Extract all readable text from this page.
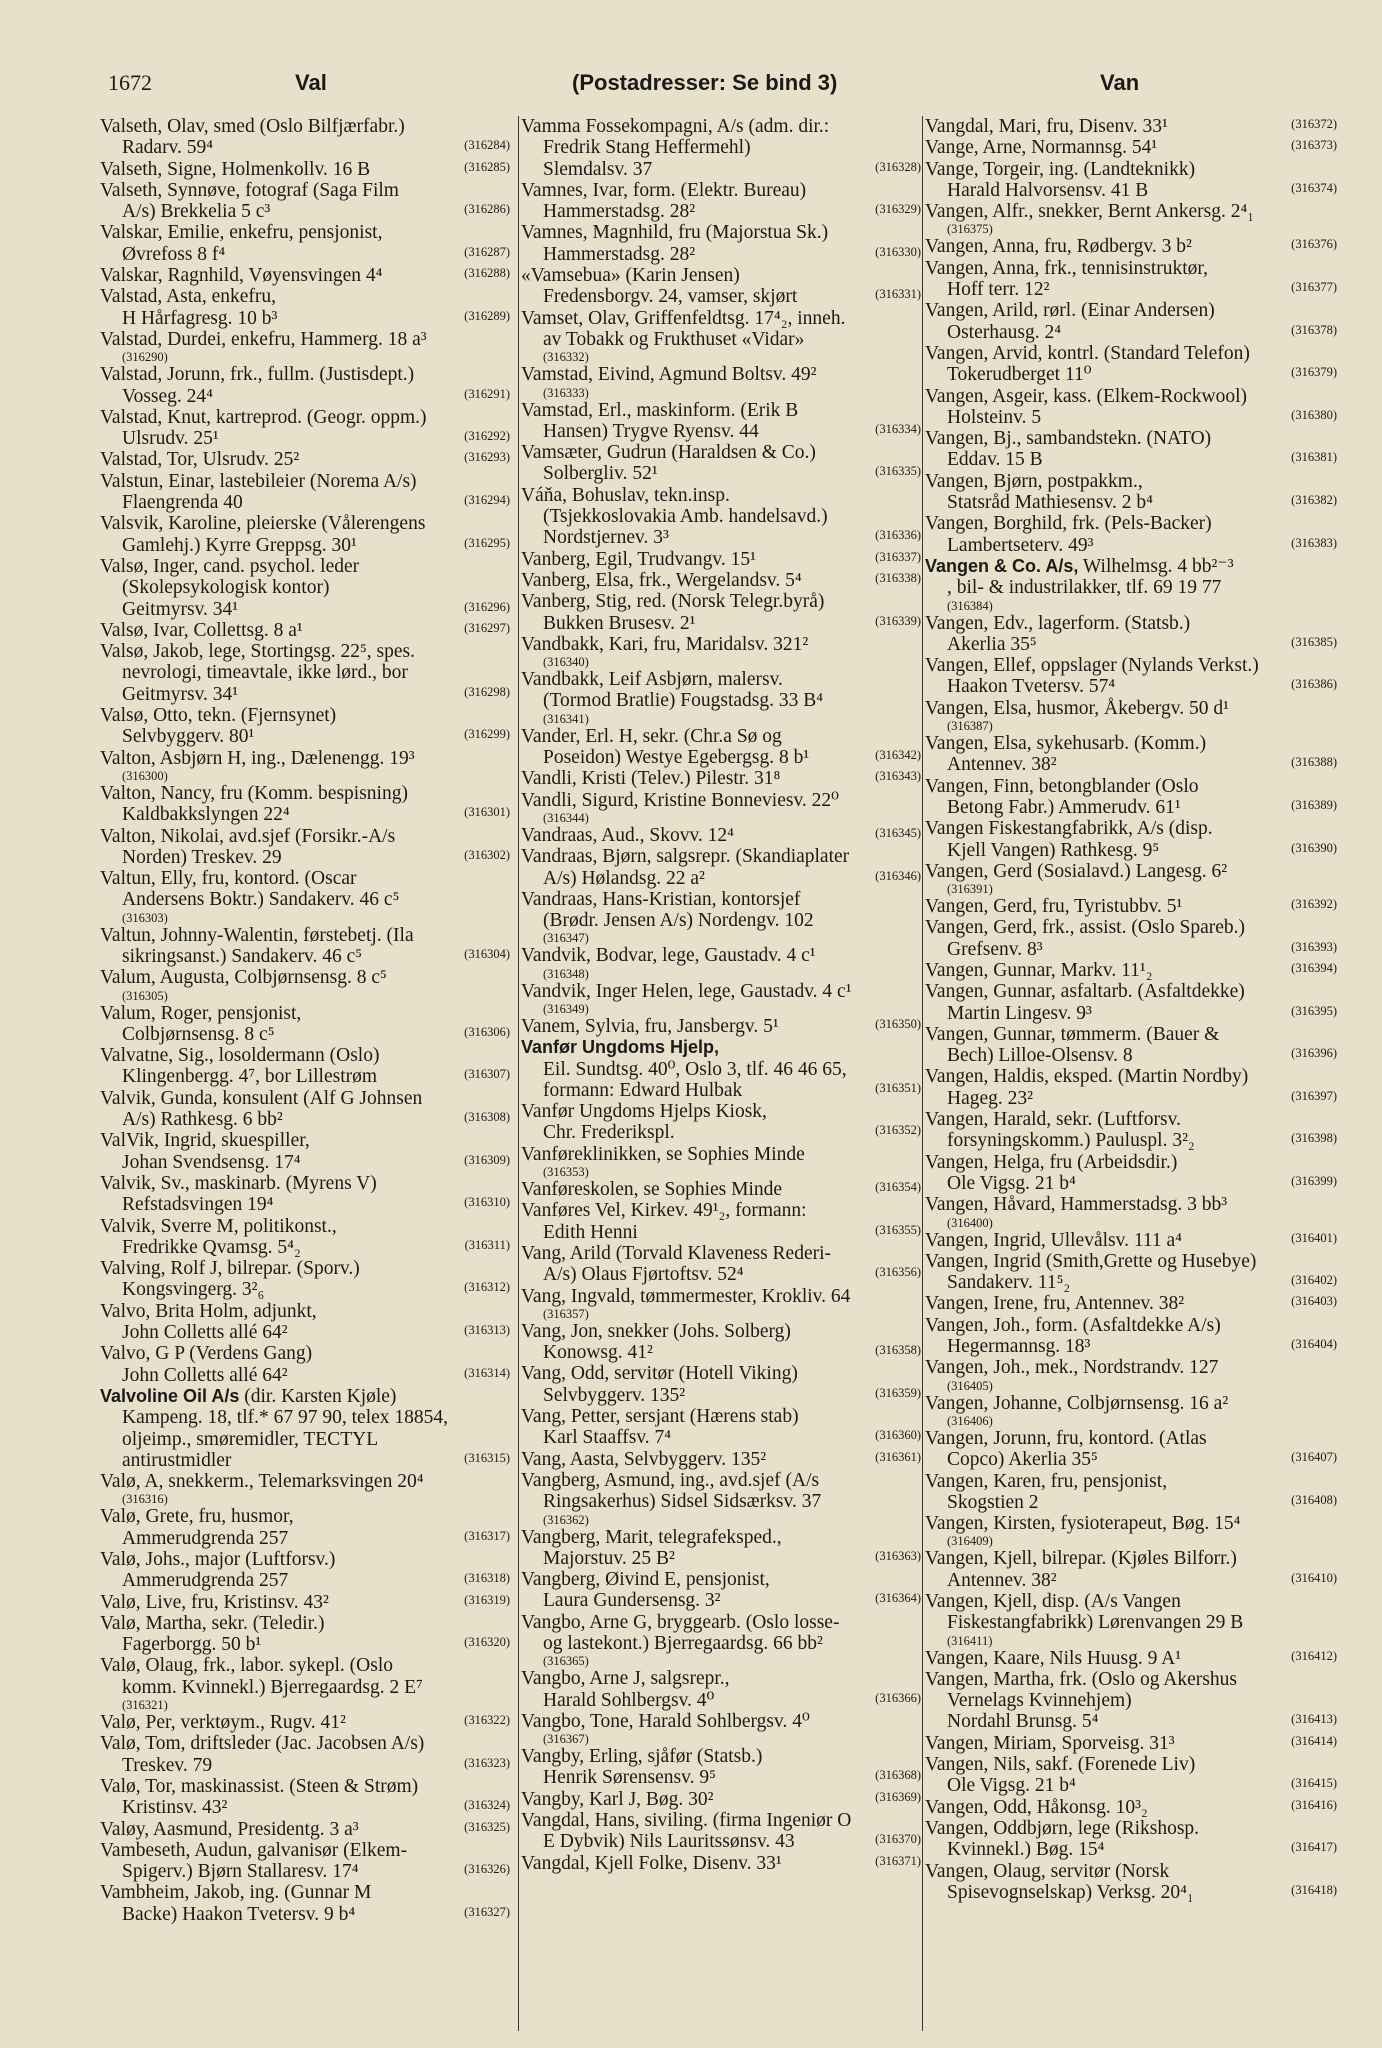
1672	Val	(Postadresser: Se bind 3)	Van
Valseth, Olav, smed (Oslo Bilfjærfabr.)
Radarv. 59⁴	(316284)
Valseth, Signe, Holmenkollv. 16 B	(316285)
Valseth, Synnøve, fotograf (Saga Film
A/s) Brekkelia 5 c³	(316286)
Valskar, Emilie, enkefru, pensjonist,
Øvrefoss 8 f⁴	(316287)
Valskar, Ragnhild, Vøyensvingen 4⁴	(316288)
Valstad, Asta, enkefru,
H Hårfagresg. 10 b³	(316289)
Valstad, Durdei, enkefru, Hammerg. 18 a³
(316290)
Valstad, Jorunn, frk., fullm. (Justisdept.)
Vosseg. 24⁴	(316291)
Valstad, Knut, kartreprod. (Geogr. oppm.)
Ulsrudv. 25¹	(316292)
Valstad, Tor, Ulsrudv. 25²	(316293)
Valstun, Einar, lastebileier (Norema A/s)
Flaengrenda 40	(316294)
Valsvik, Karoline, pleierske (Vålerengens
Gamlehj.) Kyrre Greppsg. 30¹	(316295)
Valsø, Inger, cand. psychol. leder
(Skolepsykologisk kontor)
Geitmyrsv. 34¹	(316296)
Valsø, Ivar, Collettsg. 8 a¹	(316297)
Valsø, Jakob, lege, Stortingsg. 22⁵, spes.
nevrologi, timeavtale, ikke lørd., bor
Geitmyrsv. 34¹	(316298)
Valsø, Otto, tekn. (Fjernsynet)
Selvbyggerv. 80¹	(316299)
Valton, Asbjørn H, ing., Dælenengg. 19³
(316300)
Valton, Nancy, fru (Komm. bespisning)
Kaldbakkslyngen 22⁴	(316301)
Valton, Nikolai, avd.sjef (Forsikr.-A/s
Norden) Treskev. 29	(316302)
Valtun, Elly, fru, kontord. (Oscar
Andersens Boktr.) Sandakerv. 46 c⁵
(316303)
Valtun, Johnny-Walentin, førstebetj. (Ila
sikringsanst.) Sandakerv. 46 c⁵	(316304)
Valum, Augusta, Colbjørnsensg. 8 c⁵
(316305)
Valum, Roger, pensjonist,
Colbjørnsensg. 8 c⁵	(316306)
Valvatne, Sig., losoldermann (Oslo)
Klingenbergg. 4⁷, bor Lillestrøm	(316307)
Valvik, Gunda, konsulent (Alf G Johnsen
A/s) Rathkesg. 6 bb²	(316308)
ValVik, Ingrid, skuespiller,
Johan Svendsensg. 17⁴	(316309)
Valvik, Sv., maskinarb. (Myrens V)
Refstadsvingen 19⁴	(316310)
Valvik, Sverre M, politikonst.,
Fredrikke Qvamsg. 5⁴₂	(316311)
Valving, Rolf J, bilrepar. (Sporv.)
Kongsvingerg. 3²₆	(316312)
Valvo, Brita Holm, adjunkt,
John Colletts allé 64²	(316313)
Valvo, G P (Verdens Gang)
John Colletts allé 64²	(316314)
Valvoline Oil A/s (dir. Karsten Kjøle)
Kampeng. 18, tlf.* 67 97 90, telex 18854,
oljeimp., smøremidler, TECTYL
antirustmidler	(316315)
Valø, A, snekkerm., Telemarksvingen 20⁴
(316316)
Valø, Grete, fru, husmor,
Ammerudgrenda 257	(316317)
Valø, Johs., major (Luftforsv.)
Ammerudgrenda 257	(316318)
Valø, Live, fru, Kristinsv. 43²	(316319)
Valø, Martha, sekr. (Teledir.)
Fagerborgg. 50 b¹	(316320)
Valø, Olaug, frk., labor. sykepl. (Oslo
komm. Kvinnekl.) Bjerregaardsg. 2 E⁷
(316321)
Valø, Per, verktøym., Rugv. 41²	(316322)
Valø, Tom, driftsleder (Jac. Jacobsen A/s)
Treskev. 79	(316323)
Valø, Tor, maskinassist. (Steen & Strøm)
Kristinsv. 43²	(316324)
Valøy, Aasmund, Presidentg. 3 a³	(316325)
Vambeseth, Audun, galvanisør (Elkem-
Spigerv.) Bjørn Stallaresv. 17⁴	(316326)
Vambheim, Jakob, ing. (Gunnar M
Backe) Haakon Tvetersv. 9 b⁴	(316327)
Vamma Fossekompagni, A/s (adm. dir.:
Fredrik Stang Heffermehl)
Slemdalsv. 37	(316328)
Vamnes, Ivar, form. (Elektr. Bureau)
Hammerstadsg. 28²	(316329)
Vamnes, Magnhild, fru (Majorstua Sk.)
Hammerstadsg. 28²	(316330)
«Vamsebua» (Karin Jensen)
Fredensborgv. 24, vamser, skjørt	(316331)
Vamset, Olav, Griffenfeldtsg. 17⁴₂, inneh.
av Tobakk og Frukthuset «Vidar»
(316332)
Vamstad, Eivind, Agmund Boltsv. 49²
(316333)
Vamstad, Erl., maskinform. (Erik B
Hansen) Trygve Ryensv. 44	(316334)
Vamsæter, Gudrun (Haraldsen & Co.)
Solbergliv. 52¹	(316335)
Váňa, Bohuslav, tekn.insp.
(Tsjekkoslovakia Amb. handelsavd.)
Nordstjernev. 3³	(316336)
Vanberg, Egil, Trudvangv. 15¹	(316337)
Vanberg, Elsa, frk., Wergelandsv. 5⁴	(316338)
Vanberg, Stig, red. (Norsk Telegr.byrå)
Bukken Brusesv. 2¹	(316339)
Vandbakk, Kari, fru, Maridalsv. 321²
(316340)
Vandbakk, Leif Asbjørn, malersv.
(Tormod Bratlie) Fougstadsg. 33 B⁴
(316341)
Vander, Erl. H, sekr. (Chr.a Sø og
Poseidon) Westye Egebergsg. 8 b¹	(316342)
Vandli, Kristi (Telev.) Pilestr. 31⁸	(316343)
Vandli, Sigurd, Kristine Bonneviesv. 22⁰
(316344)
Vandraas, Aud., Skovv. 12⁴	(316345)
Vandraas, Bjørn, salgsrepr. (Skandiaplater
A/s) Hølandsg. 22 a²	(316346)
Vandraas, Hans-Kristian, kontorsjef
(Brødr. Jensen A/s) Nordengv. 102
(316347)
Vandvik, Bodvar, lege, Gaustadv. 4 c¹
(316348)
Vandvik, Inger Helen, lege, Gaustadv. 4 c¹
(316349)
Vanem, Sylvia, fru, Jansbergv. 5¹	(316350)
Vanfør Ungdoms Hjelp,
Eil. Sundtsg. 40⁰, Oslo 3, tlf. 46 46 65,
formann: Edward Hulbak	(316351)
Vanfør Ungdoms Hjelps Kiosk,
Chr. Frederikspl.	(316352)
Vanføreklinikken, se Sophies Minde
(316353)
Vanføreskolen, se Sophies Minde	(316354)
Vanføres Vel, Kirkev. 49¹₂, formann:
Edith Henni	(316355)
Vang, Arild (Torvald Klaveness Rederi-
A/s) Olaus Fjørtoftsv. 52⁴	(316356)
Vang, Ingvald, tømmermester, Krokliv. 64
(316357)
Vang, Jon, snekker (Johs. Solberg)
Konowsg. 41²	(316358)
Vang, Odd, servitør (Hotell Viking)
Selvbyggerv. 135²	(316359)
Vang, Petter, sersjant (Hærens stab)
Karl Staaffsv. 7⁴	(316360)
Vang, Aasta, Selvbyggerv. 135²	(316361)
Vangberg, Asmund, ing., avd.sjef (A/s
Ringsakerhus) Sidsel Sidsærksv. 37
(316362)
Vangberg, Marit, telegrafeksped.,
Majorstuv. 25 B²	(316363)
Vangberg, Øivind E, pensjonist,
Laura Gundersensg. 3²	(316364)
Vangbo, Arne G, bryggearb. (Oslo losse-
og lastekont.) Bjerregaardsg. 66 bb²
(316365)
Vangbo, Arne J, salgsrepr.,
Harald Sohlbergsv. 4⁰	(316366)
Vangbo, Tone, Harald Sohlbergsv. 4⁰
(316367)
Vangby, Erling, sjåfør (Statsb.)
Henrik Sørensensv. 9⁵	(316368)
Vangby, Karl J, Bøg. 30²	(316369)
Vangdal, Hans, siviling. (firma Ingeniør O
E Dybvik) Nils Lauritssønsv. 43	(316370)
Vangdal, Kjell Folke, Disenv. 33¹	(316371)
Vangdal, Mari, fru, Disenv. 33¹	(316372)
Vange, Arne, Normannsg. 54¹	(316373)
Vange, Torgeir, ing. (Landteknikk)
Harald Halvorsensv. 41 B	(316374)
Vangen, Alfr., snekker, Bernt Ankersg. 2⁴₁
(316375)
Vangen, Anna, fru, Rødbergv. 3 b²	(316376)
Vangen, Anna, frk., tennisinstruktør,
Hoff terr. 12²	(316377)
Vangen, Arild, rørl. (Einar Andersen)
Osterhausg. 2⁴	(316378)
Vangen, Arvid, kontrl. (Standard Telefon)
Tokerudberget 11⁰	(316379)
Vangen, Asgeir, kass. (Elkem-Rockwool)
Holsteinv. 5	(316380)
Vangen, Bj., sambandstekn. (NATO)
Eddav. 15 B	(316381)
Vangen, Bjørn, postpakkm.,
Statsråd Mathiesensv. 2 b⁴	(316382)
Vangen, Borghild, frk. (Pels-Backer)
Lambertseterv. 49³	(316383)
Vangen & Co. A/s, Wilhelmsg. 4 bb²⁻³
, bil- & industrilakker, tlf. 69 19 77
(316384)
Vangen, Edv., lagerform. (Statsb.)
Akerlia 35⁵	(316385)
Vangen, Ellef, oppslager (Nylands Verkst.)
Haakon Tvetersv. 57⁴	(316386)
Vangen, Elsa, husmor, Åkebergv. 50 d¹
(316387)
Vangen, Elsa, sykehusarb. (Komm.)
Antennev. 38²	(316388)
Vangen, Finn, betongblander (Oslo
Betong Fabr.) Ammerudv. 61¹	(316389)
Vangen Fiskestangfabrikk, A/s (disp.
Kjell Vangen) Rathkesg. 9⁵	(316390)
Vangen, Gerd (Sosialavd.) Langesg. 6²
(316391)
Vangen, Gerd, fru, Tyristubbv. 5¹	(316392)
Vangen, Gerd, frk., assist. (Oslo Spareb.)
Grefsenv. 8³	(316393)
Vangen, Gunnar, Markv. 11¹₂	(316394)
Vangen, Gunnar, asfaltarb. (Asfaltdekke)
Martin Lingesv. 9³	(316395)
Vangen, Gunnar, tømmerm. (Bauer &
Bech) Lilloe-Olsensv. 8	(316396)
Vangen, Haldis, eksped. (Martin Nordby)
Hageg. 23²	(316397)
Vangen, Harald, sekr. (Luftforsv.
forsyningskomm.) Pauluspl. 3²₂	(316398)
Vangen, Helga, fru (Arbeidsdir.)
Ole Vigsg. 21 b⁴	(316399)
Vangen, Håvard, Hammerstadsg. 3 bb³
(316400)
Vangen, Ingrid, Ullevålsv. 111 a⁴	(316401)
Vangen, Ingrid (Smith,Grette og Husebye)
Sandakerv. 11⁵₂	(316402)
Vangen, Irene, fru, Antennev. 38²	(316403)
Vangen, Joh., form. (Asfaltdekke A/s)
Hegermannsg. 18³	(316404)
Vangen, Joh., mek., Nordstrandv. 127
(316405)
Vangen, Johanne, Colbjørnsensg. 16 a²
(316406)
Vangen, Jorunn, fru, kontord. (Atlas
Copco) Akerlia 35⁵	(316407)
Vangen, Karen, fru, pensjonist,
Skogstien 2	(316408)
Vangen, Kirsten, fysioterapeut, Bøg. 15⁴
(316409)
Vangen, Kjell, bilrepar. (Kjøles Bilforr.)
Antennev. 38²	(316410)
Vangen, Kjell, disp. (A/s Vangen
Fiskestangfabrikk) Lørenvangen 29 B
(316411)
Vangen, Kaare, Nils Huusg. 9 A¹	(316412)
Vangen, Martha, frk. (Oslo og Akershus
Vernelags Kvinnehjem)
Nordahl Brunsg. 5⁴	(316413)
Vangen, Miriam, Sporveisg. 31³	(316414)
Vangen, Nils, sakf. (Forenede Liv)
Ole Vigsg. 21 b⁴	(316415)
Vangen, Odd, Håkonsg. 10³₂	(316416)
Vangen, Oddbjørn, lege (Rikshosp.
Kvinnekl.) Bøg. 15⁴	(316417)
Vangen, Olaug, servitør (Norsk
Spisevognselskap) Verksg. 20⁴₁	(316418)
